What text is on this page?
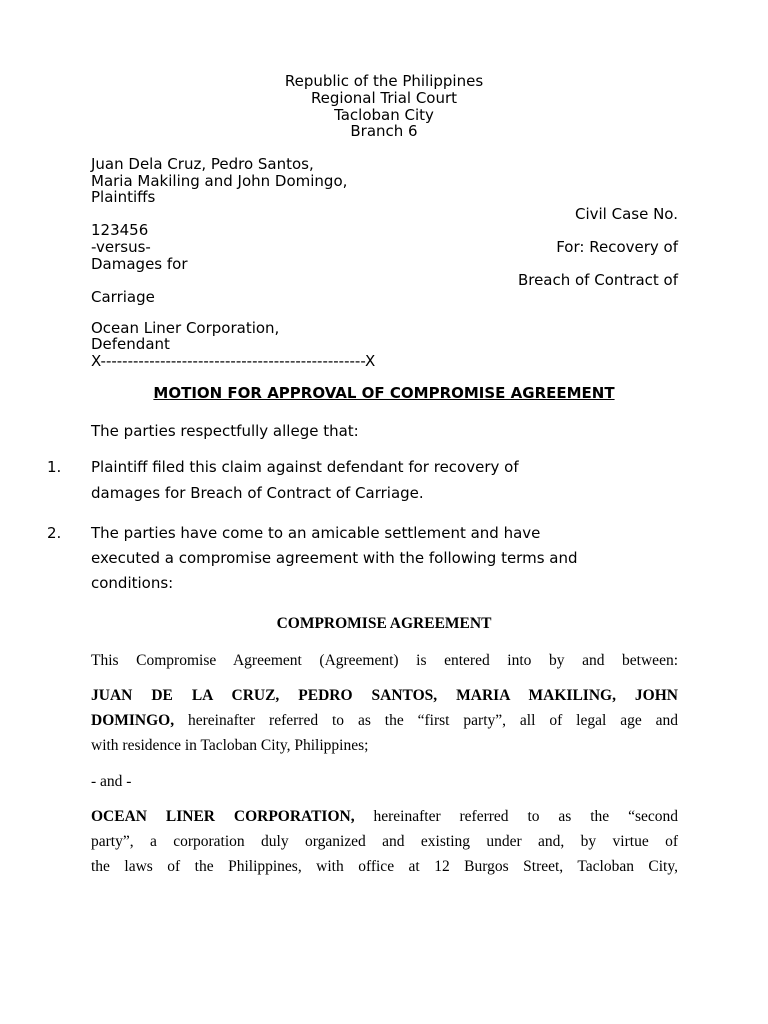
Republic of the Philippines
Regional Trial Court
Tacloban City
Branch 6
Juan Dela Cruz, Pedro Santos,
Maria Makiling and John Domingo,
Plaintiffs
Civil Case No.
123456
-versus-	For: Recovery of
Damages for
Breach of Contract of
Carriage
Ocean Liner Corporation,
Defendant
X-------------------------------------------------X
MOTION FOR APPROVAL OF COMPROMISE AGREEMENT
The parties respectfully allege that:
1. Plaintiff filed this claim against defendant for recovery of
damages for Breach of Contract of Carriage.
2. The parties have come to an amicable settlement and have
executed a compromise agreement with the following terms and
conditions:
COMPROMISE AGREEMENT
This Compromise Agreement (Agreement) is entered into by and between:
JUAN DE LA CRUZ, PEDRO SANTOS, MARIA MAKILING, JOHN
DOMINGO, hereinafter referred to as the “first party”, all of legal age and
with residence in Tacloban City, Philippines;
- and -
OCEAN LINER CORPORATION, hereinafter referred to as the “second
party”, a corporation duly organized and existing under and, by virtue of
the laws of the Philippines, with office at 12 Burgos Street, Tacloban City,
